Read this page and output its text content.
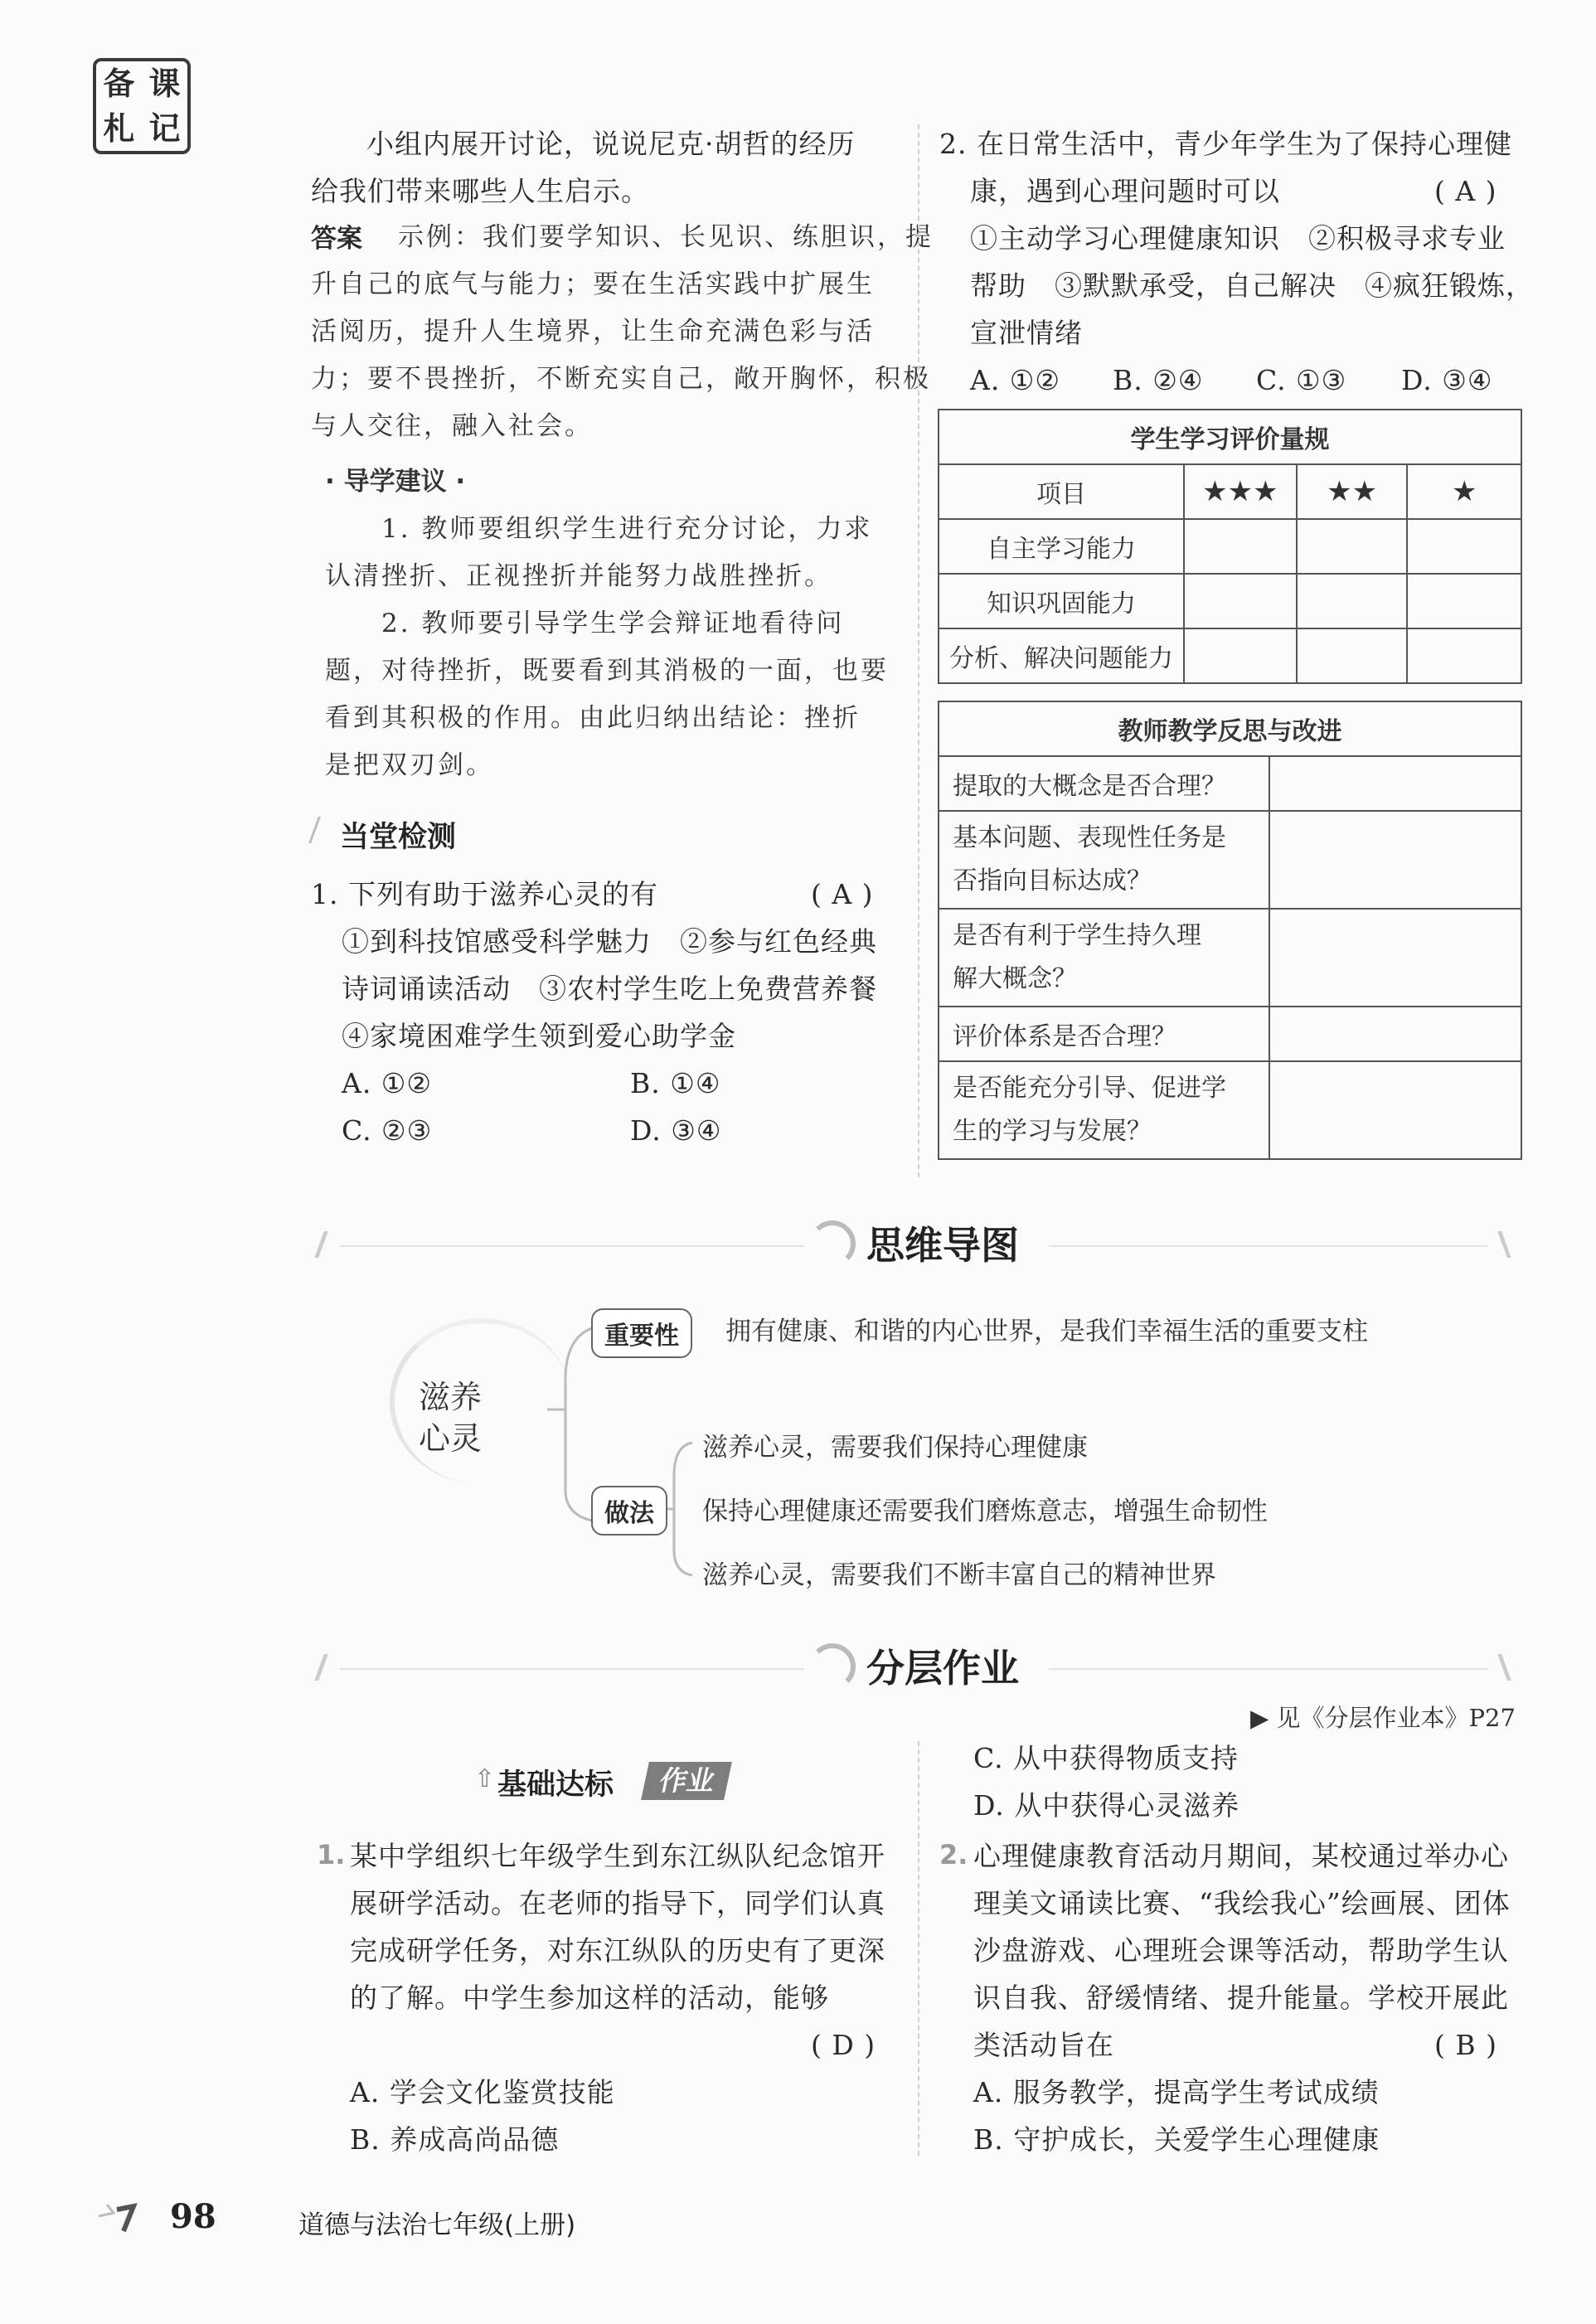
备 课
札 记	小组内展开讨论，说说尼克·胡哲的经历
给我们带来哪些人生启示。
答案 示例：我们要学知识、长见识、练胆识，提
升自己的底气与能力；要在生活实践中扩展生
活阅历，提升人生境界，让生命充满色彩与活
力；要不畏挫折，不断充实自己，敞开胸怀，积极
与人交往，融入社会。
· 导学建议 ·
1. 教师要组织学生进行充分讨论，力求
认清挫折、正视挫折并能努力战胜挫折。
2. 教师要引导学生学会辩证地看待问
题，对待挫折，既要看到其消极的一面，也要
看到其积极的作用。由此归纳出结论：挫折
是把双刃剑。
当堂检测
1. 下列有助于滋养心灵的有	( A )
①到科技馆感受科学魅力　②参与红色经典
诗词诵读活动　③农村学生吃上免费营养餐
④家境困难学生领到爱心助学金
A. ①②	B. ①④
C. ②③	D. ③④
2. 在日常生活中，青少年学生为了保持心理健
康，遇到心理问题时可以	( A )
①主动学习心理健康知识　②积极寻求专业
帮助　③默默承受，自己解决　④疯狂锻炼，
宣泄情绪
A. ①② B. ②④ C. ①③ D. ③④
学生学习评价量规			
项目	★★★	★★	★
自主学习能力			
知识巩固能力			
分析、解决问题能力			
教师教学反思与改进	
提取的大概念是否合理？	

基本问题、表现性任务是
否指向目标达成？	

是否有利于学生持久理
解大概念？	

评价体系是否合理？	

是否能充分引导、促进学
生的学习与发展？	

思维导图
滋养
心灵
重要性	拥有健康、和谐的内心世界，是我们幸福生活的重要支柱
做法
滋养心灵，需要我们保持心理健康
保持心理健康还需要我们磨炼意志，增强生命韧性
滋养心灵，需要我们不断丰富自己的精神世界
分层作业
▶ 见《分层作业本》P27
⇧ 基础达标	作业
1. 某中学组织七年级学生到东江纵队纪念馆开
展研学活动。在老师的指导下，同学们认真
完成研学任务，对东江纵队的历史有了更深
的了解。中学生参加这样的活动，能够
( D )
A. 学会文化鉴赏技能
B. 养成高尚品德
C. 从中获得物质支持
D. 从中获得心灵滋养
2. 心理健康教育活动月期间，某校通过举办心
理美文诵读比赛、“我绘我心”绘画展、团体
沙盘游戏、心理班会课等活动，帮助学生认
识自我、舒缓情绪、提升能量。学校开展此
类活动旨在	( B )
A. 服务教学，提高学生考试成绩
B. 守护成长，关爱学生心理健康
98	道德与法治七年级(上册)
